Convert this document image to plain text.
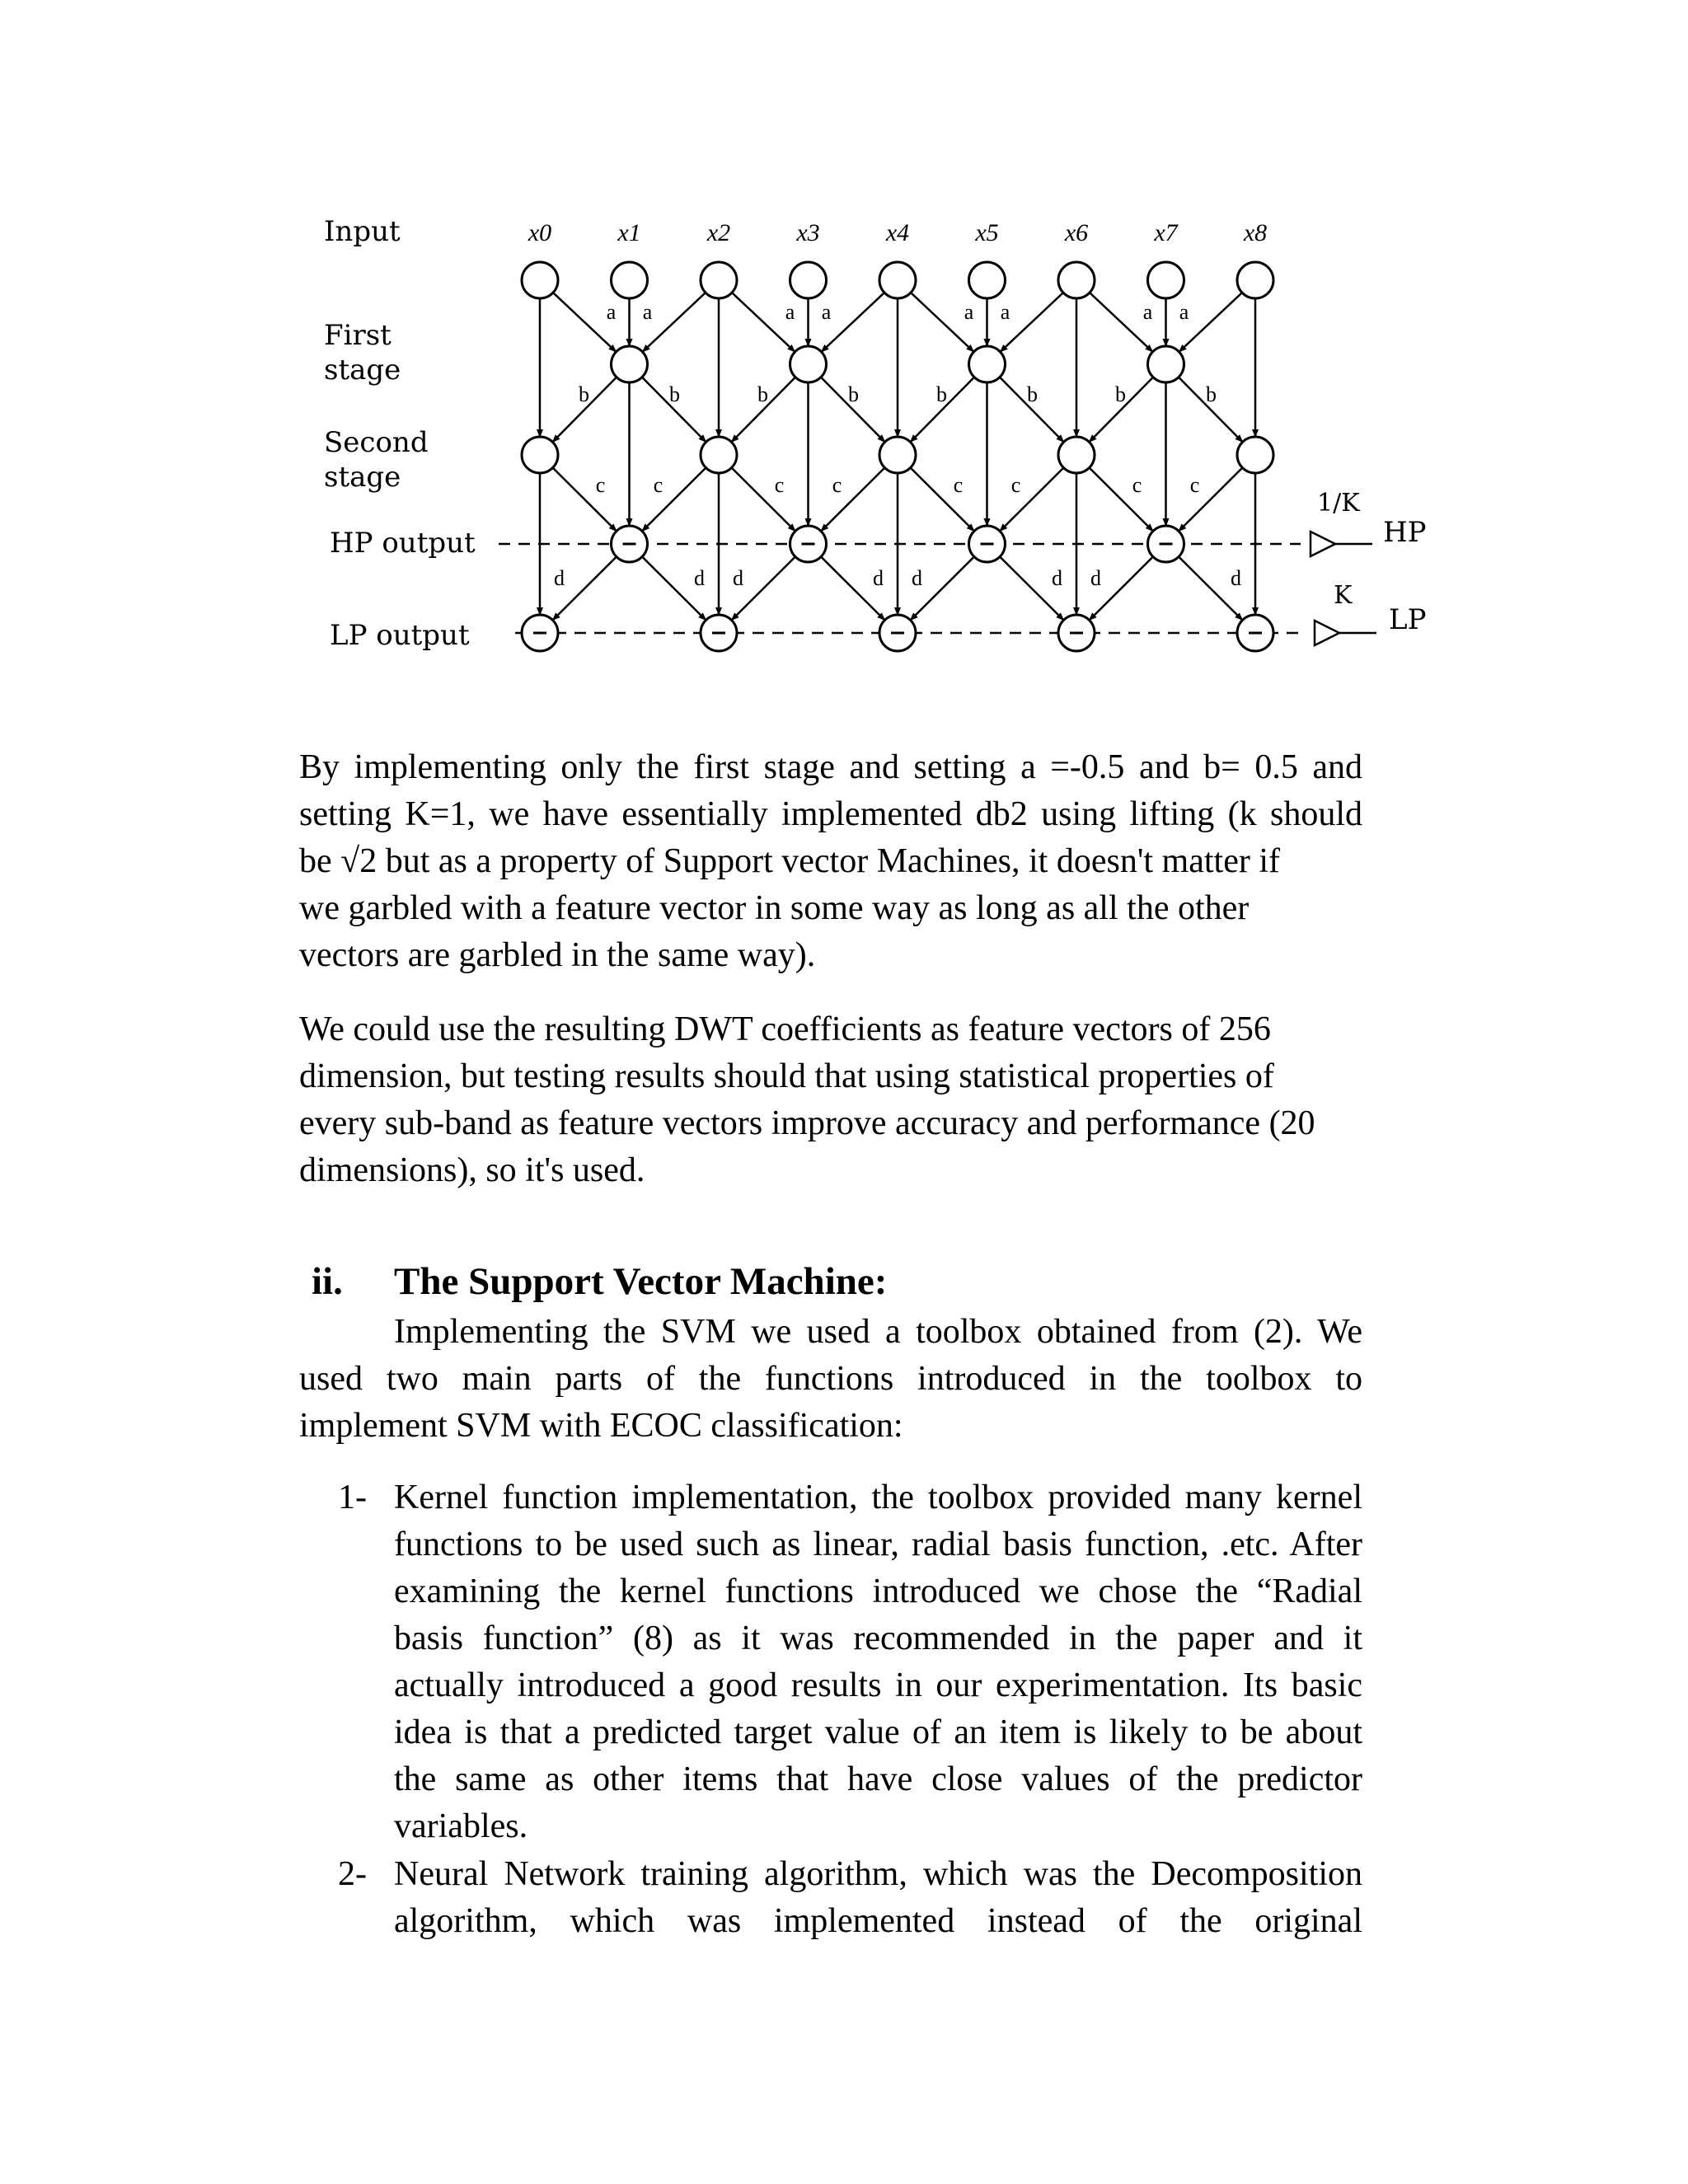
x0	x1	x2	x3	x4	x5	x6	x7	x8
a a
b	b
c c
d	d
a a
b	b
c c
d	d
a a
b	b
c c
d	d
a a
b	b
c c
d	d
Input
First
stage
Second
stage
HP output
LP output
1/K
HP
K
LP
By implementing only the first stage and setting a =-0.5 and b= 0.5 and
setting K=1, we have essentially implemented db2 using lifting (k should
be √2 but as a property of Support vector Machines, it doesn't matter if
we garbled with a feature vector in some way as long as all the other
vectors are garbled in the same way).
We could use the resulting DWT coefficients as feature vectors of 256
dimension, but testing results should that using statistical properties of
every sub-band as feature vectors improve accuracy and performance (20
dimensions), so it's used.
ii. The Support Vector Machine:
Implementing the SVM we used a toolbox obtained from (2). We
used two main parts of the functions introduced in the toolbox to
implement SVM with ECOC classification:
1- Kernel function implementation, the toolbox provided many kernel
functions to be used such as linear, radial basis function, .etc. After
examining the kernel functions introduced we chose the “Radial
basis function” (8) as it was recommended in the paper and it
actually introduced a good results in our experimentation. Its basic
idea is that a predicted target value of an item is likely to be about
the same as other items that have close values of the predictor
variables.
2- Neural Network training algorithm, which was the Decomposition
algorithm, which was implemented instead of the original
